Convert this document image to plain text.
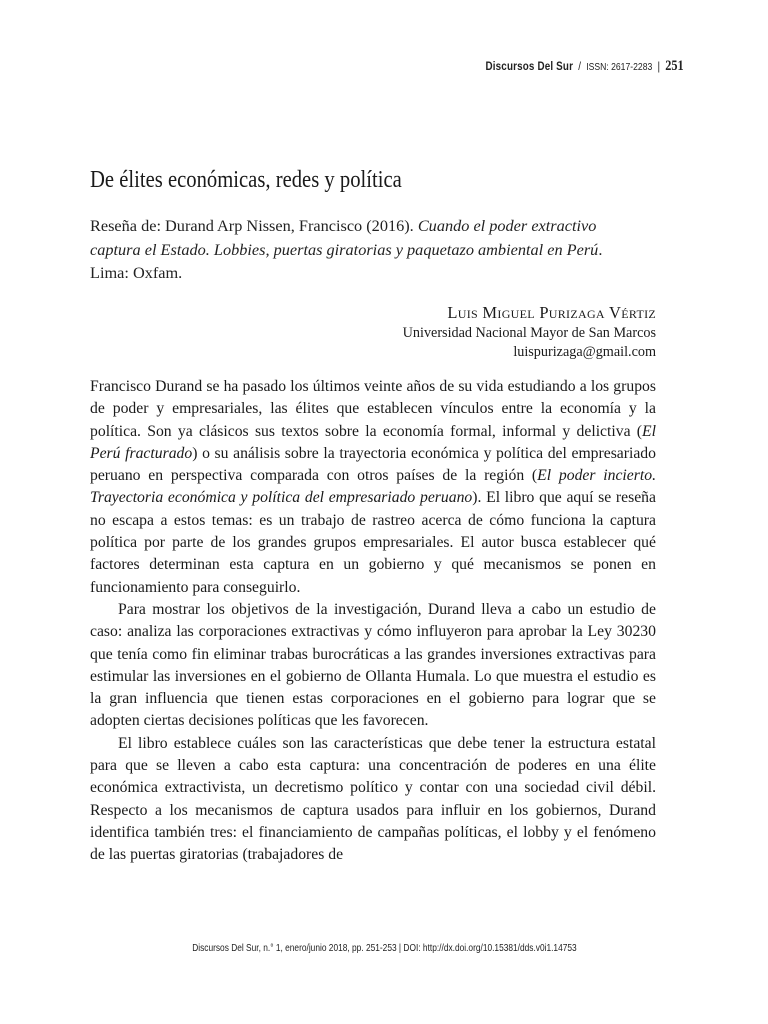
Discursos Del Sur / ISSN: 2617-2283 | 251
De élites económicas, redes y política

Reseña de: Durand Arp Nissen, Francisco (2016). Cuando el poder extractivo captura el Estado. Lobbies, puertas giratorias y paquetazo ambiental en Perú. Lima: Oxfam.

Luis Miguel Purizaga Vértiz
Universidad Nacional Mayor de San Marcos
luispurizaga@gmail.com

Francisco Durand se ha pasado los últimos veinte años de su vida estudiando a los grupos de poder y empresariales, las élites que establecen vínculos entre la economía y la política. Son ya clásicos sus textos sobre la economía formal, informal y delictiva (El Perú fracturado) o su análisis sobre la trayectoria económica y política del empresariado peruano en perspectiva comparada con otros países de la región (El poder incierto. Trayectoria económica y política del empresariado peruano). El libro que aquí se reseña no escapa a estos temas: es un trabajo de rastreo acerca de cómo funciona la captura política por parte de los grandes grupos empresariales. El autor busca establecer qué factores determinan esta captura en un gobierno y qué mecanismos se ponen en funcionamiento para conseguirlo.

Para mostrar los objetivos de la investigación, Durand lleva a cabo un estudio de caso: analiza las corporaciones extractivas y cómo influyeron para aprobar la Ley 30230 que tenía como fin eliminar trabas burocráticas a las grandes inversiones extractivas para estimular las inversiones en el gobierno de Ollanta Humala. Lo que muestra el estudio es la gran influencia que tienen estas corporaciones en el gobierno para lograr que se adopten ciertas decisiones políticas que les favorecen.

El libro establece cuáles son las características que debe tener la estructura estatal para que se lleven a cabo esta captura: una concentración de poderes en una élite económica extractivista, un decretismo político y contar con una sociedad civil débil. Respecto a los mecanismos de captura usados para influir en los gobiernos, Durand identifica también tres: el financiamiento de campañas políticas, el lobby y el fenómeno de las puertas giratorias (trabajadores de

Discursos Del Sur, n.° 1, enero/junio 2018, pp. 251-253 | DOI: http://dx.doi.org/10.15381/dds.v0i1.14753
